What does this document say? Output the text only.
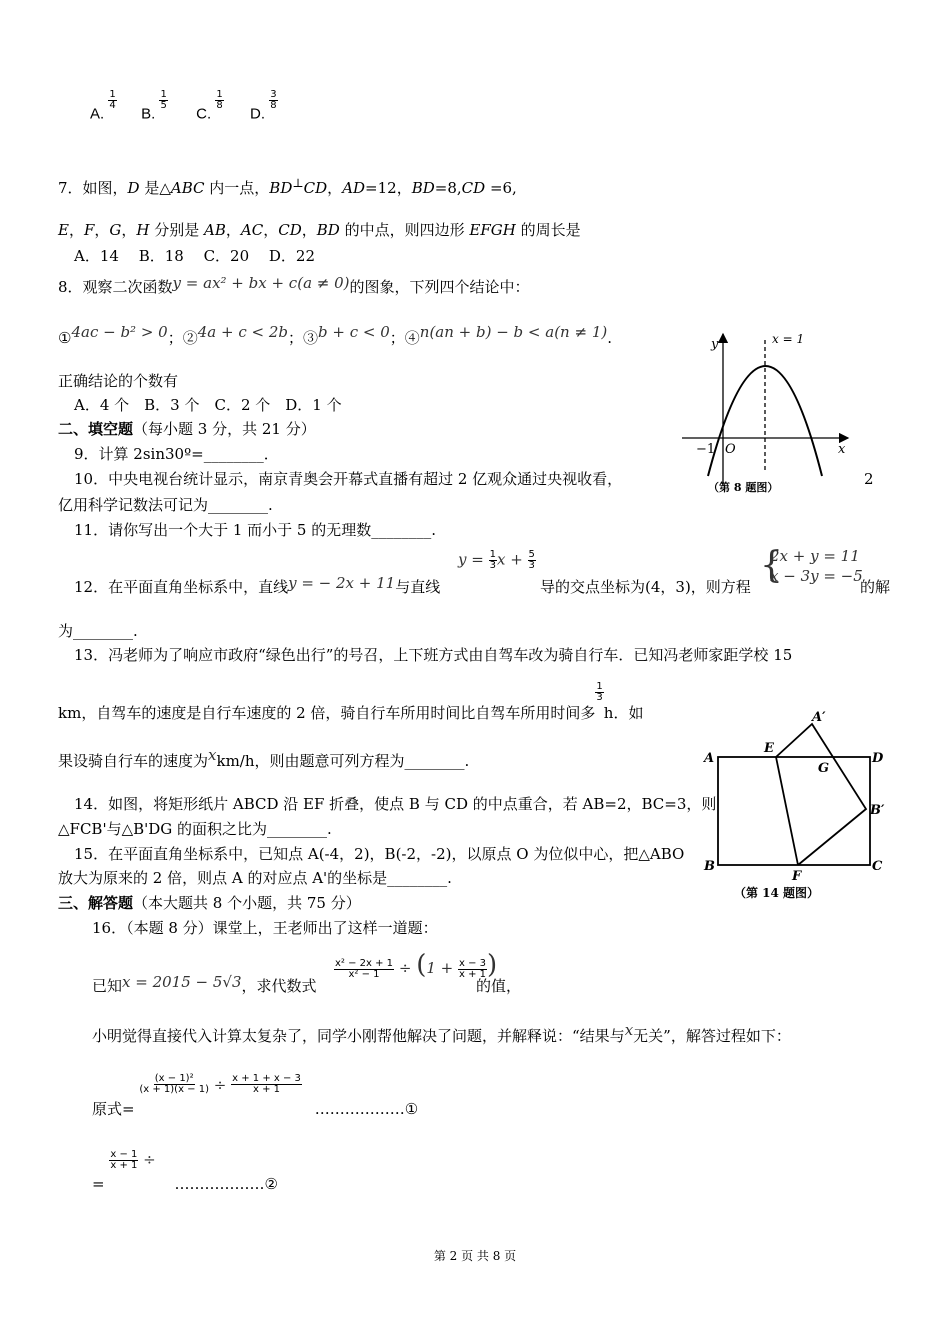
A.
$\frac{1}{4}$
B.
$\frac{1}{5}$
C.
$\frac{1}{8}$
D.
$\frac{3}{8}$
7．如图，D 是△ABC 内一点，BD⊥CD，AD=12，BD=8,CD =6,
E，F，G，H 分别是 AB，AC，CD，BD 的中点，则四边形 EFGH 的周长是
A．14　 B．18　 C．20　 D．22
8．观察二次函数y = ax² + bx + c(a ≠ 0)的图象，下列四个结论中：
①4ac − b² > 0；②4a + c < 2b；③b + c < 0；④n(an + b) − b < a(n ≠ 1).
正确结论的个数有
A．4 个　B．3 个　C．2 个　D．1 个
二、填空题（每小题 3 分，共 21 分）
9．计算 2sin30º=________．
10．中央电视台统计显示，南京青奥会开幕式直播有超过 2 亿观众通过央视收看，	2
亿用科学记数法可记为________.
11．请你写出一个大于 1 而小于 5 的无理数________.
12．在平面直角坐标系中，直线y = − 2x + 11与直线
$y = \frac{1}{3}$ $x + \frac{5}{3}$
导的交点坐标为(4，3)，则方程
{
2x + y = 11
x − 3y = −5
的解
为________.
13．冯老师为了响应市政府“绿色出行”的号召，上下班方式由自驾车改为骑自行车．已知冯老师家距学校 15
km，自驾车的速度是自行车速度的 2 倍，骑自行车所用时间比自驾车所用时间多
$\frac{1}{3}$
h．如
果设骑自行车的速度为xkm/h，则由题意可列方程为________.
14．如图，将矩形纸片 ABCD 沿 EF 折叠，使点 B 与 CD 的中点重合，若 AB=2，BC=3，则
△FCB'与△B'DG 的面积之比为________.
15．在平面直角坐标系中，已知点 A(-4，2)，B(-2，-2)，以原点 O 为位似中心，把△ABO
放大为原来的 2 倍，则点 A 的对应点 A'的坐标是________.
三、解答题（本大题共 8 个小题，共 75 分）
16．（本题 8 分）课堂上，王老师出了这样一道题：
已知x = 2015 − 5√3，求代数式
$\frac{\text{x² − 2x + 1}}{\text{x² − 1}} \div (1 + \frac{x - 3}{x + 1}$ )
的值，
小明觉得直接代入计算太复杂了，同学小刚帮他解决了问题，并解释说：“结果与x无关”，解答过程如下：
原式=
$\frac{\text{(x − 1)²}}{(x + 1)(x - 1)} \div \frac{x + 1 + x - 3}{x + 1}$
………………①
=
$\frac{x - 1}{x + 1}$ ÷ ………………②
y
x
O
−1
x = 1
（第 8 题图）
A	D
B	C
E
A′
G
B′
F
（第 14 题图）
第 2 页 共 8 页
